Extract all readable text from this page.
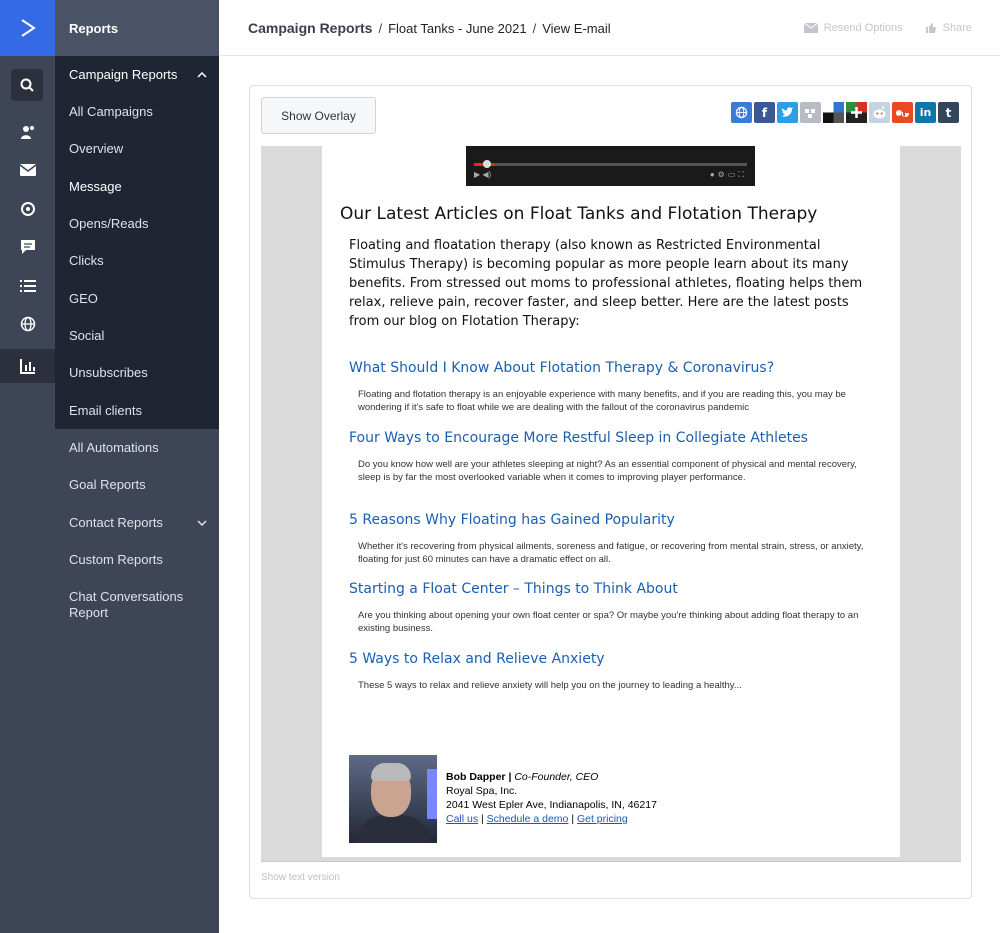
Reports
Campaign Reports
All Campaigns
Overview
Message
Opens/Reads
Clicks
GEO
Social
Unsubscribes
Email clients
All Automations
Goal Reports
Contact Reports
Custom Reports
Chat Conversations Report
Campaign Reports / Float Tanks - June 2021 / View E-mail	Resend Options	Share
Show Overlay	f	in	t
▶ ◀)	●⚙▭⛶
Our Latest Articles on Float Tanks and Flotation Therapy
Floating and floatation therapy (also known as Restricted Environmental Stimulus Therapy) is becoming popular as more people learn about its many benefits. From stressed out moms to professional athletes, floating helps them relax, relieve pain, recover faster, and sleep better. Here are the latest posts from our blog on Flotation Therapy:
What Should I Know About Flotation Therapy & Coronavirus?

Floating and flotation therapy is an enjoyable experience with many benefits, and if you are reading this, you may be wondering if it's safe to float while we are dealing with the fallout of the coronavirus pandemic

Four Ways to Encourage More Restful Sleep in Collegiate Athletes

Do you know how well are your athletes sleeping at night? As an essential component of physical and mental recovery, sleep is by far the most overlooked variable when it comes to improving player performance.

5 Reasons Why Floating has Gained Popularity

Whether it's recovering from physical ailments, soreness and fatigue, or recovering from mental strain, stress, or anxiety, floating for just 60 minutes can have a dramatic effect on all.

Starting a Float Center – Things to Think About

Are you thinking about opening your own float center or spa? Or maybe you're thinking about adding float therapy to an existing business.

5 Ways to Relax and Relieve Anxiety

These 5 ways to relax and relieve anxiety will help you on the journey to leading a healthy...

Bob Dapper | Co-Founder, CEO
Royal Spa, Inc.
2041 West Epler Ave, Indianapolis, IN, 46217
Call us | Schedule a demo | Get pricing
Show text version
